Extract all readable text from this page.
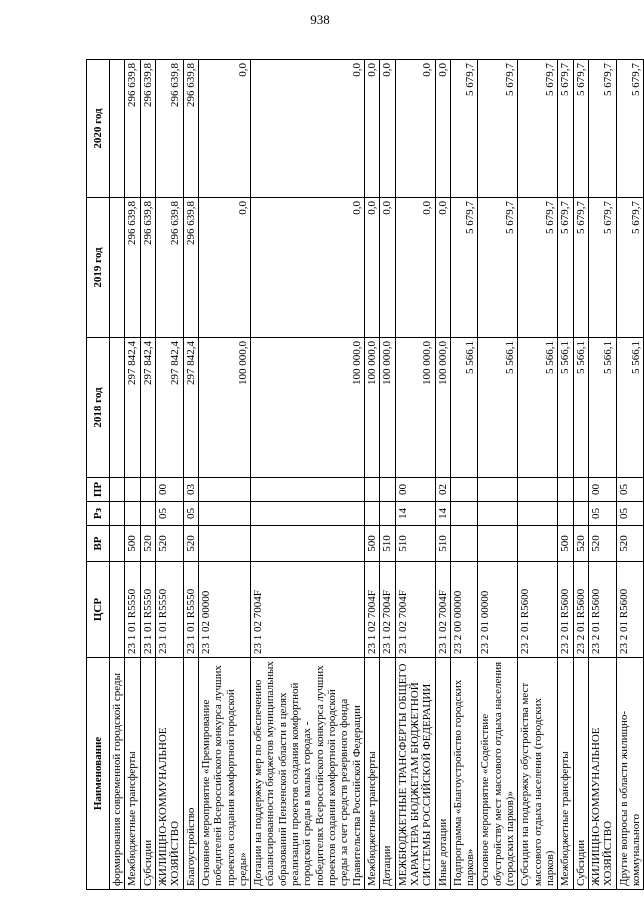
938
Наименование	ЦСР	ВР	Рз	ПР	2018 год	2019 год	2020 год
формирования современной городской среды							
Межбюджетные трансферты	23 1 01 R5550	500			297 842,4	296 639,8	296 639,8
Субсидии	23 1 01 R5550	520			297 842,4	296 639,8	296 639,8
ЖИЛИЩНО-КОММУНАЛЬНОЕ ХОЗЯЙСТВО	23 1 01 R5550	520	05	00	297 842,4	296 639,8	296 639,8
Благоустройство	23 1 01 R5550	520	05	03	297 842,4	296 639,8	296 639,8
Основное мероприятие «Премирование победителей Всероссийского конкурса лучших проектов создания комфортной городской среды»	23 1 02 00000				100 000,0	0,0	0,0
Дотации на поддержку мер по обеспечению сбалансированности бюджетов муниципальных образований Пензенской области в целях реализации проектов создания комфортной городской среды в малых городах - победителях Всероссийского конкурса лучших проектов создания комфортной городской среды за счет средств резервного фонда Правительства Российской Федерации	23 1 02 7004F				100 000,0	0,0	0,0
Межбюджетные трансферты	23 1 02 7004F	500			100 000,0	0,0	0,0
Дотации	23 1 02 7004F	510			100 000,0	0,0	0,0
МЕЖБЮДЖЕТНЫЕ ТРАНСФЕРТЫ ОБЩЕГО ХАРАКТЕРА БЮДЖЕТАМ БЮДЖЕТНОЙ СИСТЕМЫ РОССИЙСКОЙ ФЕДЕРАЦИИ	23 1 02 7004F	510	14	00	100 000,0	0,0	0,0
Иные дотации	23 1 02 7004F	510	14	02	100 000,0	0,0	0,0
Подпрограмма «Благоустройство городских парков»	23 2 00 00000				5 566,1	5 679,7	5 679,7
Основное мероприятие «Содействие обустройству мест массового отдыха населения (городских парков)»	23 2 01 00000				5 566,1	5 679,7	5 679,7
Субсидии на поддержку обустройства мест массового отдыха населения (городских парков)	23 2 01 R5600				5 566,1	5 679,7	5 679,7
Межбюджетные трансферты	23 2 01 R5600	500			5 566,1	5 679,7	5 679,7
Субсидии	23 2 01 R5600	520			5 566,1	5 679,7	5 679,7
ЖИЛИЩНО-КОММУНАЛЬНОЕ ХОЗЯЙСТВО	23 2 01 R5600	520	05	00	5 566,1	5 679,7	5 679,7
Другие вопросы в области жилищно-коммунального	23 2 01 R5600	520	05	05	5 566,1	5 679,7	5 679,7
